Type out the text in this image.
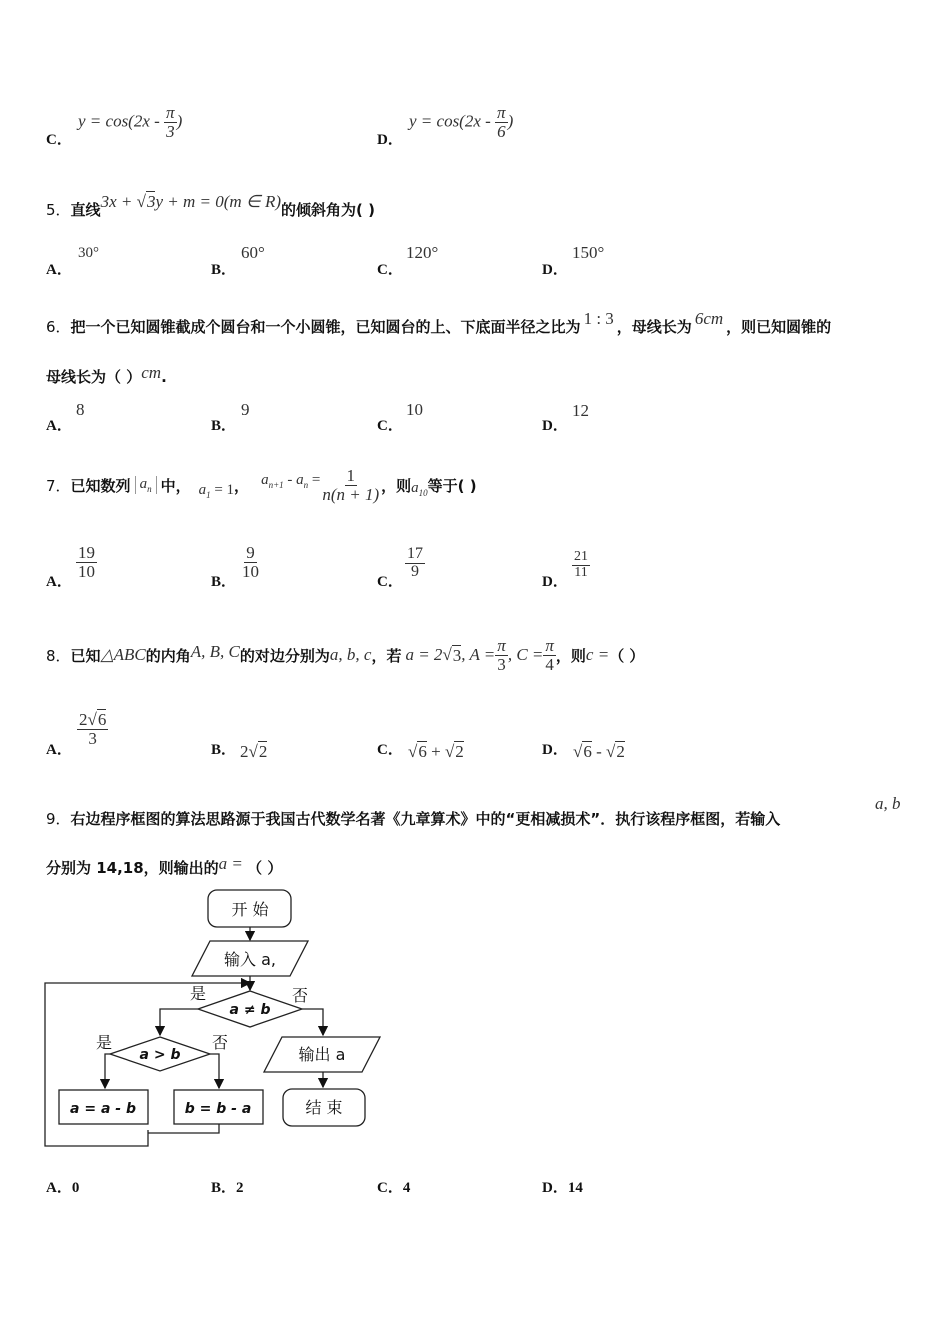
C．
$y = \cos(2x - \frac{\pi}{3}$ )
D．
$y = \cos(2x - \frac{\pi}{6}$ )
5．直线3x + √3y + m = 0(m ∈ R)的倾斜角为( )
A．
30°
B．
60°
C．
120°
D．
150°
6．把一个已知圆锥截成个圆台和一个小圆锥，已知圆台的上、下底面半径之比为 1 : 3 ，母线长为 6cm ，则已知圆锥的
母线长为（ ）cm.
A．
8
B．
9
C．
10
D．
12
7． 已知数列 $a_n$ 中， $a_1 = 1$ ， $a_{n+1} - a_n = \frac{1}{n(n + 1)}$ ，则 $a_{10}$ 等于( )
A．
$\frac{19}{10}$
B．
$\frac{9}{10}$
C．
$\frac{17}{9}$
D．
$\frac{21}{11}$
8． 已知 △ABC 的内角 A, B, C 的对边分别为 a, b, c ，若 a = 2 √ 3 , $A = \frac{\pi}{3}$ , $C = \frac{\pi}{4}$ ，则 c = （ ）
A．
$\frac{2√6}{3}$
B． 2√2	C． √6 + √2	D． √6 - √2
9．右边程序框图的算法思路源于我国古代数学名著《九章算术》中的“更相减损术”．执行该程序框图，若输入
a, b
分别为 14,18，则输出的a = （ ）
开 始
输入 a,
a ≠ b
是	否
a > b
是	否
a = a - b	b = b - a
输出 a
结 束
A．0	B．2	C．4	D．14
